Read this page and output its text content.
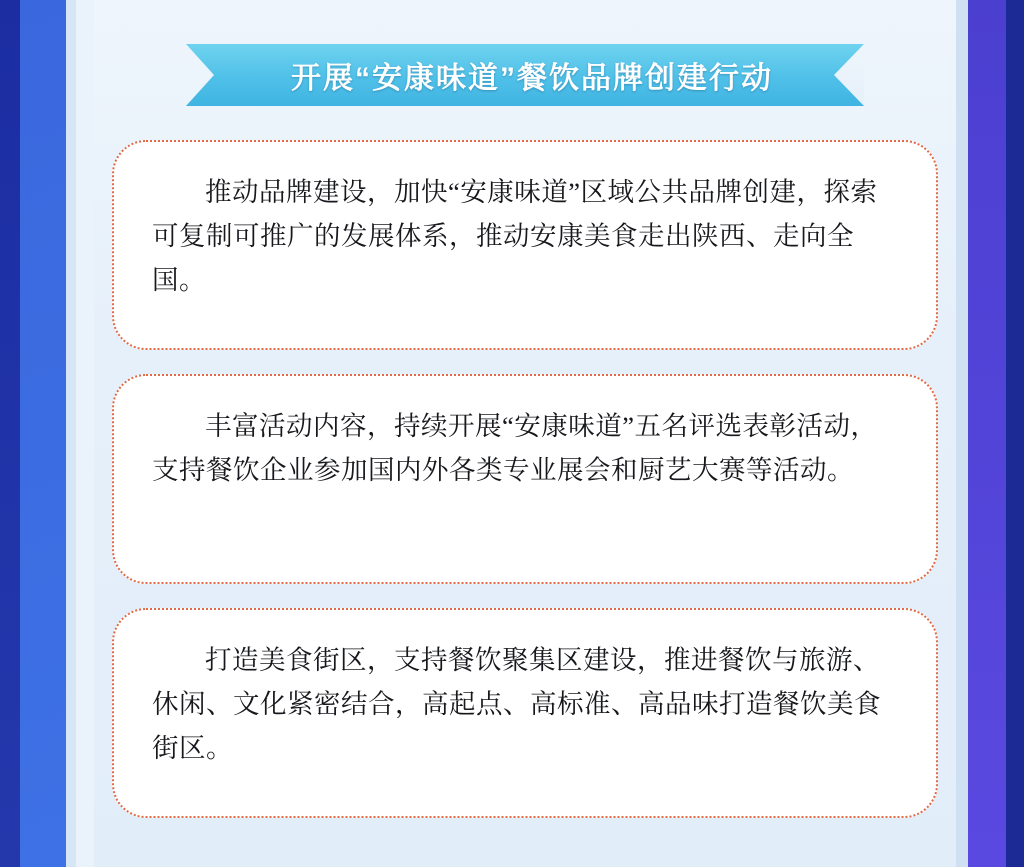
开展“安康味道”餐饮品牌创建行动
推动品牌建设，加快“安康味道”区域公共品牌创建，探索可复制可推广的发展体系，推动安康美食走出陕西、走向全国。
丰富活动内容，持续开展“安康味道”五名评选表彰活动，支持餐饮企业参加国内外各类专业展会和厨艺大赛等活动。
打造美食街区，支持餐饮聚集区建设，推进餐饮与旅游、休闲、文化紧密结合，高起点、高标准、高品味打造餐饮美食街区。
